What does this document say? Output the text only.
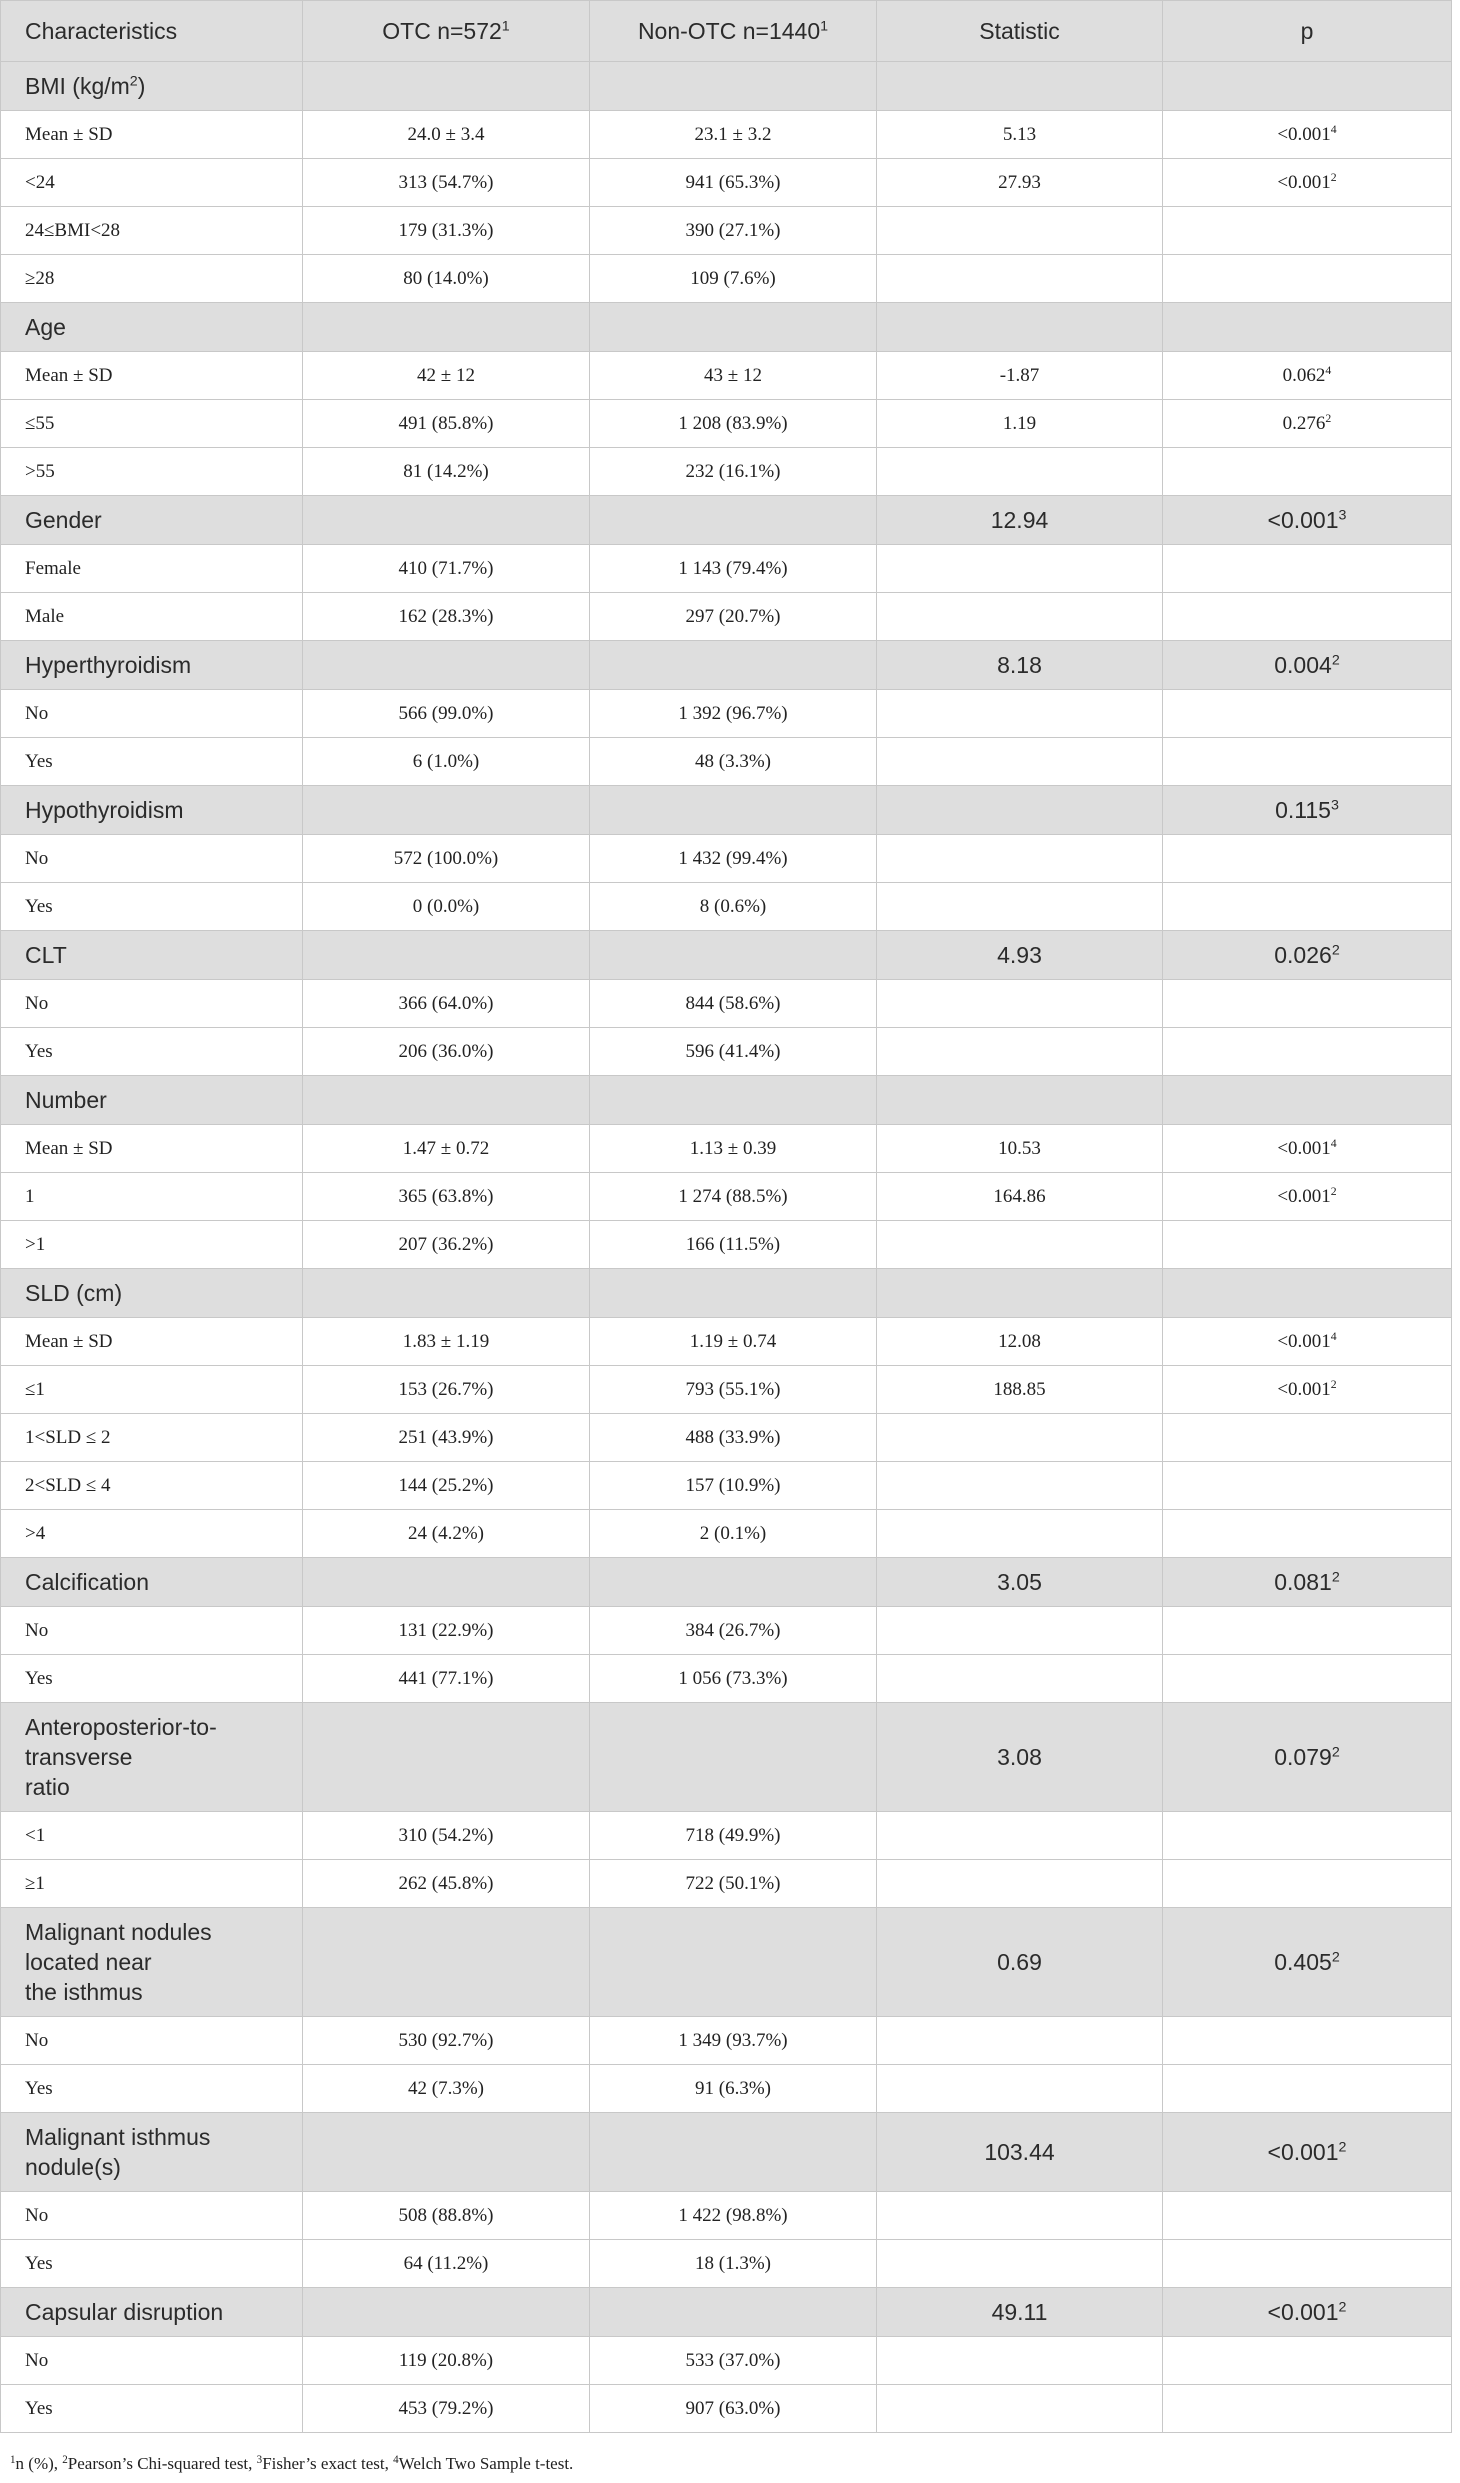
Characteristics	OTC $n=572^1$	Non-OTC $n=1440^1$	Statistic	p
BMI $(kg/m^2)$				
Mean ± SD	24.0 ± 3.4	23.1 ± 3.2	5.13	$<0.001^4$
<24	313 (54.7%)	941 (65.3%)	27.93	$<0.001^2$
24≤BMI<28	179 (31.3%)	390 (27.1%)		
≥28	80 (14.0%)	109 (7.6%)		
Age				
Mean ± SD	42 ± 12	43 ± 12	-1.87	$0.062^4$
≤55	491 (85.8%)	1 208 (83.9%)	1.19	$0.276^2$
>55	81 (14.2%)	232 (16.1%)		
Gender			12.94	$<0.001^3$
Female	410 (71.7%)	1 143 (79.4%)		
Male	162 (28.3%)	297 (20.7%)		
Hyperthyroidism			8.18	0.004$^2$
No	566 (99.0%)	1 392 (96.7%)		
Yes	6 (1.0%)	48 (3.3%)		
Hypothyroidism				0.115$^3$
No	572 (100.0%)	1 432 (99.4%)		
Yes	0 (0.0%)	8 (0.6%)		
CLT			4.93	0.026$^2$
No	366 (64.0%)	844 (58.6%)		
Yes	206 (36.0%)	596 (41.4%)		
Number				
Mean ± SD	1.47 ± 0.72	1.13 ± 0.39	10.53	$<0.001^4$
1	365 (63.8%)	1 274 (88.5%)	164.86	$<0.001^2$
>1	207 (36.2%)	166 (11.5%)		
SLD (cm)				
Mean ± SD	1.83 ± 1.19	1.19 ± 0.74	12.08	$<0.001^4$
≤1	153 (26.7%)	793 (55.1%)	188.85	$<0.001^2$
1<SLD ≤ 2	251 (43.9%)	488 (33.9%)		
2<SLD ≤ 4	144 (25.2%)	157 (10.9%)		
>4	24 (4.2%)	2 (0.1%)		
Calcification			3.05	0.081$^2$
No	131 (22.9%)	384 (26.7%)		
Yes	441 (77.1%)	1 056 (73.3%)		
Anteroposterior-to-
transverse
ratio			3.08	$0.079^2$
<1	310 (54.2%)	718 (49.9%)		
≥1	262 (45.8%)	722 (50.1%)		
Malignant nodules
located near
the isthmus			0.69	0.405$^2$
No	530 (92.7%)	1 349 (93.7%)		
Yes	42 (7.3%)	91 (6.3%)		
Malignant isthmus
nodule(s)			103.44	$<0.001^2$
No	508 (88.8%)	1 422 (98.8%)		
Yes	64 (11.2%)	18 (1.3%)		
Capsular disruption			49.11	$<0.001^2$
No	119 (20.8%)	533 (37.0%)		
Yes	453 (79.2%)	907 (63.0%)		
$^1$n (%), $^2$Pearson’s Chi-squared test, $^3$Fisher’s exact test, $^4$Welch Two Sample t-test.
